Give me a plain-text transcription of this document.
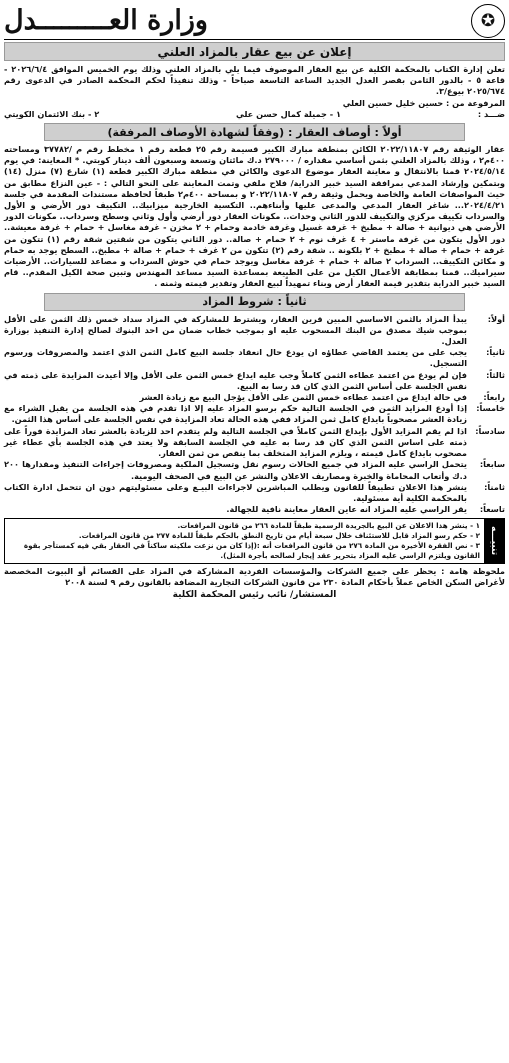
✪
وزارة العـــــــــدل
إعلان عن بيع عقار بالمزاد العلني

تعلن إدارة الكتاب بالمحكمة الكلية عن بيع العقار الموصوف فيما يلي بالمزاد العلني وذلك يوم الخميس الموافق ٢٠٢٦/٦/٤ - قاعة ٥ - بالدور الثامن بقصر العدل الجديد الساعة التاسعة صباحاً - وذلك تنفيذاً لحكم المحكمة الصادر في الدعوى رقم ٢٠٢٥/٦٧٤ بيوع/٣.

المرفوعة من : حسين خليل حسين العلي

ضـــد :
١ - جميلة كمال حسن علي
٢ - بنك الائتمان الكويتي
أولاً : أوصاف العقار : (وفقاً لشهادة الأوصاف المرفقة)

عقار الوثيقة رقم ٢٠٢٢/١١٨٠٧ الكائن بمنطقة مبارك الكبير قسيمة رقم ٢٥ قطعة رقم ١ مخطط رقم م /٣٧٧٨٢ ومساحته ٤٠٠م٢ ، وذلك بالمزاد العلني بثمن أساسي مقداره / ٢٧٩٠٠٠ د.ك مائتان وتسعة وسبعون ألف دينار كويتي. * المعاينة: في يوم ٢٠٢٤/٥/١٤ قمنا بالانتقال و معاينة العقار موضوع الدعوى والكائن في منطقة مبارك الكبير قطعة (١) شارع (٧) منزل (١٤) وبتمكين وإرشاد المدعي بمرافقة السيد خبير الدراية/ فلاح ملفي وتمت المعاينة على النحو التالي : - عين النزاع مطابق من حيث المواصفات العامة والخاصة ويحمل وثيقة رقم ٢٠٢٢/١١٨٠٧ و بمساحة ٤٠٠م٢ طبقاً لحافظة مستندات المقدمة في جلسة ٢٠٢٤/٤/٢١... شاغر العقار المدعي والمدعى عليها وأبناءهم.. التكسية الخارجية ميزابيك.. التكييف دور الأرضي و الأول والسرداب تكييف مركزي والتكييف للدور الثاني وحدات.. مكونات العقار دور أرضي وأول وثاني وسطح وسرداب.. مكونات الدور الأرضي هي ديوانية + صالة + مطبخ + غرفة غسيل وغرفة خادمة وحمام + ٢ مخزن - غرفة مغاسل + حمام + غرفة معيشة.. دور الأول يتكون من غرفة ماستر + ٤ غرف نوم + ٢ حمام + صالة.. دور الثاني يتكون من شقتين شقة رقم (١) تتكون من غرفة + حمام + صالة + مطبخ + ٢ بلكونة .. شقة رقم (٢) تتكون من ٢ غرف + حمام + صالة + مطبخ.. السطح يوجد به حمام و مكائن التكييف.. السرداب ٢ صالة + حمام + غرفة مغاسل ويوجد حمام في حوش السرداب و مصاعد للسيارات.. الأرضيات سيراميك.. قمنا بمطابقة الأعمال الكيل من على الطبيعة بمساعدة السيد مساعد المهندس وتبين صحة الكيل المقدم.. قام السيد خبير الدراية بتقدير قيمة العقار أرض وبناء تمهيداً لبيع العقار وتقدير قيمته وثمنه .

ثانياً : شروط المزاد
أولاً:
يبدأ المزاد بالثمن الاساسي المبين قرين العقار، ويشترط للمشاركة في المزاد سداد خمس ذلك الثمن على الأقل بموجب شيك مصدق من البنك المسحوب عليه او بموجب خطاب ضمان من احد البنوك لصالح إدارة التنفيذ بوزارة العدل.
ثانياً:
يجب على من يعتمد القاضي عطاؤه ان يودع حال انعقاد جلسة البيع كامل الثمن الذي اعتمد والمصروفات ورسوم التسجيل.
ثالثاً:
فإن لم يودع من اعتمد عطاءه الثمن كاملاً وجب عليه ايداع خمس الثمن على الأقل وإلا أعيدت المزايدة على ذمته في نفس الجلسة على أساس الثمن الذي كان قد رسا به البيع.
رابعاً:
في حالة ايداع من اعتمد عطاءه خمس الثمن على الأقل يؤجل البيع مع زيادة العشر
خامساً:
إذا أودع المزايد الثمن في الجلسة التالية حكم برسو المزاد عليه إلا اذا تقدم في هذه الجلسة من يقبل الشراء مع زيادة العشر مصحوباً بايداع كامل ثمن المزاد ففي هذه الحالة تعاد المزايدة في نفس الجلسة على أساس هذا الثمن.
سادساً:
اذا لم يقم المزايد الأول بإيداع الثمن كاملاً في الجلسة التالية ولم يتقدم احد للزيادة بالعشر تعاد المزايدة فوراً على ذمته على اساس الثمن الذي كان قد رسا به عليه في الجلسة السابقة ولا يعتد في هذه الجلسة بأي عطاء غير مصحوب بايداع كامل قيمته ، ويلزم المزايد المتخلف بما ينقص من ثمن العقار.
سابعاً:
يتحمل الراسي عليه المزاد في جميع الحالات رسوم نقل وتسجيل الملكية ومصروفات إجراءات التنفيذ ومقدارها ٢٠٠ د.ك وأتعاب المحاماة والخبرة ومصاريف الاعلان والنشر عن البيع في الصحف اليومية.
ثامناً:
ينشر هذا الاعلان تطبيقاً للقانون ويطلب المباشرين لاجراءات البيـع وعلى مسئوليتهم دون ان تتحمل ادارة الكتاب بالمحكمة الكلية أية مسئولية.
تاسعاً:
يقر الراسي عليه المزاد انه عاين العقار معاينة نافية للجهالة.
تنبيـــه
١ - ينشر هذا الاعلان عن البيع بالجريدة الرسمية طبقاً للمادة ٢٦٦ من قانون المرافعات.
٢ - حكم رسو المزاد قابل للاستئناف خلال سبعة أيام من تاريخ النطق بالحكم طبقاً للمادة ٢٧٧ من قانون المرافعات.
٣ - نص الفقرة الأخيرة من المادة ٢٧٦ من قانون المرافعات أنه :(إذا كان من نزعت ملكيته ساكناً في العقار بقي فيه كمستأجر بقوة القانون ويلتزم الراسي عليه المزاد بتحرير عقد إيجار لصالحه بأجرة المثل).

ملحوظة هامة : يحظر على جميع الشركات والمؤسسات الفردية المشاركة في المزاد على القسائم أو البيوت المخصصة لأغراض السكن الخاص عملاً بأحكام المادة ٢٣٠ من قانون الشركات التجارية المضافة بالقانون رقم ٩ لسنة ٢٠٠٨

المستشار/ نائب رئيس المحكمة الكلية
